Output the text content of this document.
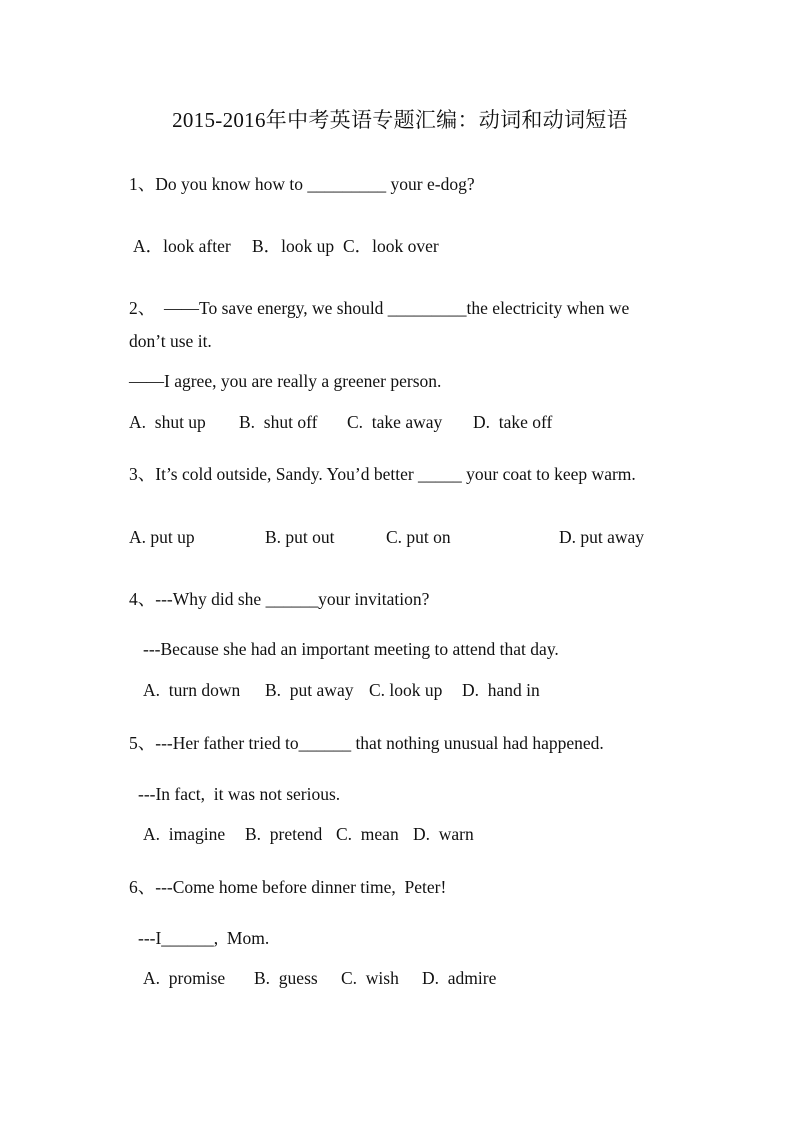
2015-2016年中考英语专题汇编：动词和动词短语
1、Do you know how to _________ your e-dog?
A．look after B．look up C．look over
2、  ——To save energy, we should _________the electricity when we
don’t use it.
——I agree, you are really a greener person.
A.  shut up B.  shut off C.  take away D.  take off
3、It’s cold outside, Sandy. You’d better _____ your coat to keep warm.
A. put up	B. put out	C. put on	D. put away
4、---Why did she ______your invitation?
---Because she had an important meeting to attend that day.
A.  turn down B.  put away C. look up D.  hand in
5、---Her father tried to______ that nothing unusual had happened.
---In fact,  it was not serious.
A.  imagine B.  pretend C.  mean D.  warn
6、---Come home before dinner time,  Peter!
---I______,  Mom.
A.  promise B.  guess C.  wish D.  admire
